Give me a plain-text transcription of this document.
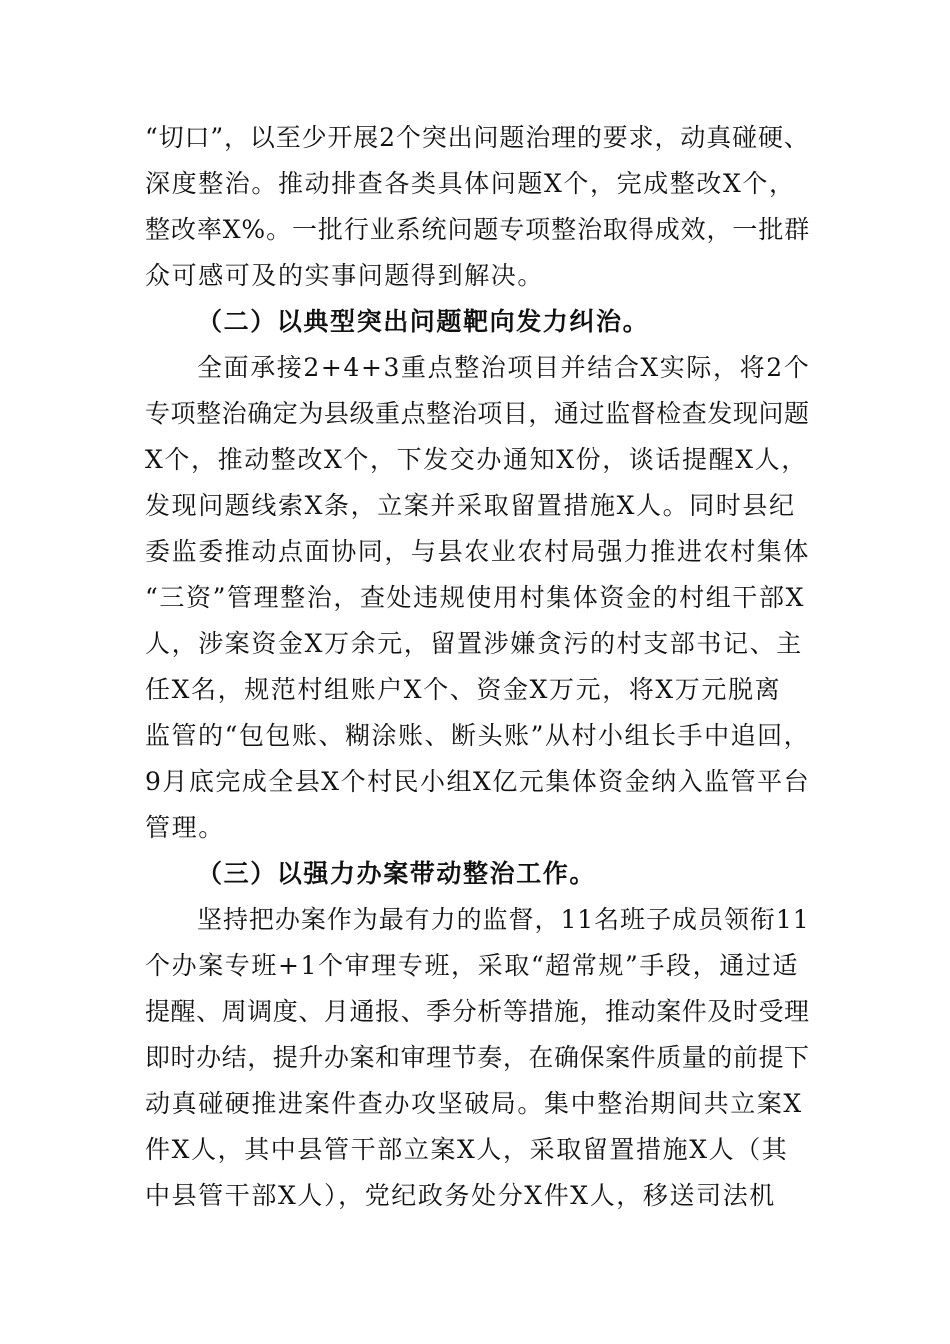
“切口”，以至少开展2个突出问题治理的要求，动真碰硬、
深度整治。推动排查各类具体问题X个，完成整改X个，
整改率X%。一批行业系统问题专项整治取得成效，一批群
众可感可及的实事问题得到解决。
（二）以典型突出问题靶向发力纠治。
全面承接2+4+3重点整治项目并结合X实际，将2个
专项整治确定为县级重点整治项目，通过监督检查发现问题
X个，推动整改X个，下发交办通知X份，谈话提醒X人，
发现问题线索X条，立案并采取留置措施X人。同时县纪
委监委推动点面协同，与县农业农村局强力推进农村集体
“三资”管理整治，查处违规使用村集体资金的村组干部X
人，涉案资金X万余元，留置涉嫌贪污的村支部书记、主
任X名，规范村组账户X个、资金X万元，将X万元脱离
监管的“包包账、糊涂账、断头账”从村小组长手中追回，
9月底完成全县X个村民小组X亿元集体资金纳入监管平台
管理。
（三）以强力办案带动整治工作。
坚持把办案作为最有力的监督，11名班子成员领衔11
个办案专班+1个审理专班，采取“超常规”手段，通过适
提醒、周调度、月通报、季分析等措施，推动案件及时受理
即时办结，提升办案和审理节奏，在确保案件质量的前提下
动真碰硬推进案件查办攻坚破局。集中整治期间共立案X
件X人，其中县管干部立案X人，采取留置措施X人（其
中县管干部X人），党纪政务处分X件X人，移送司法机
